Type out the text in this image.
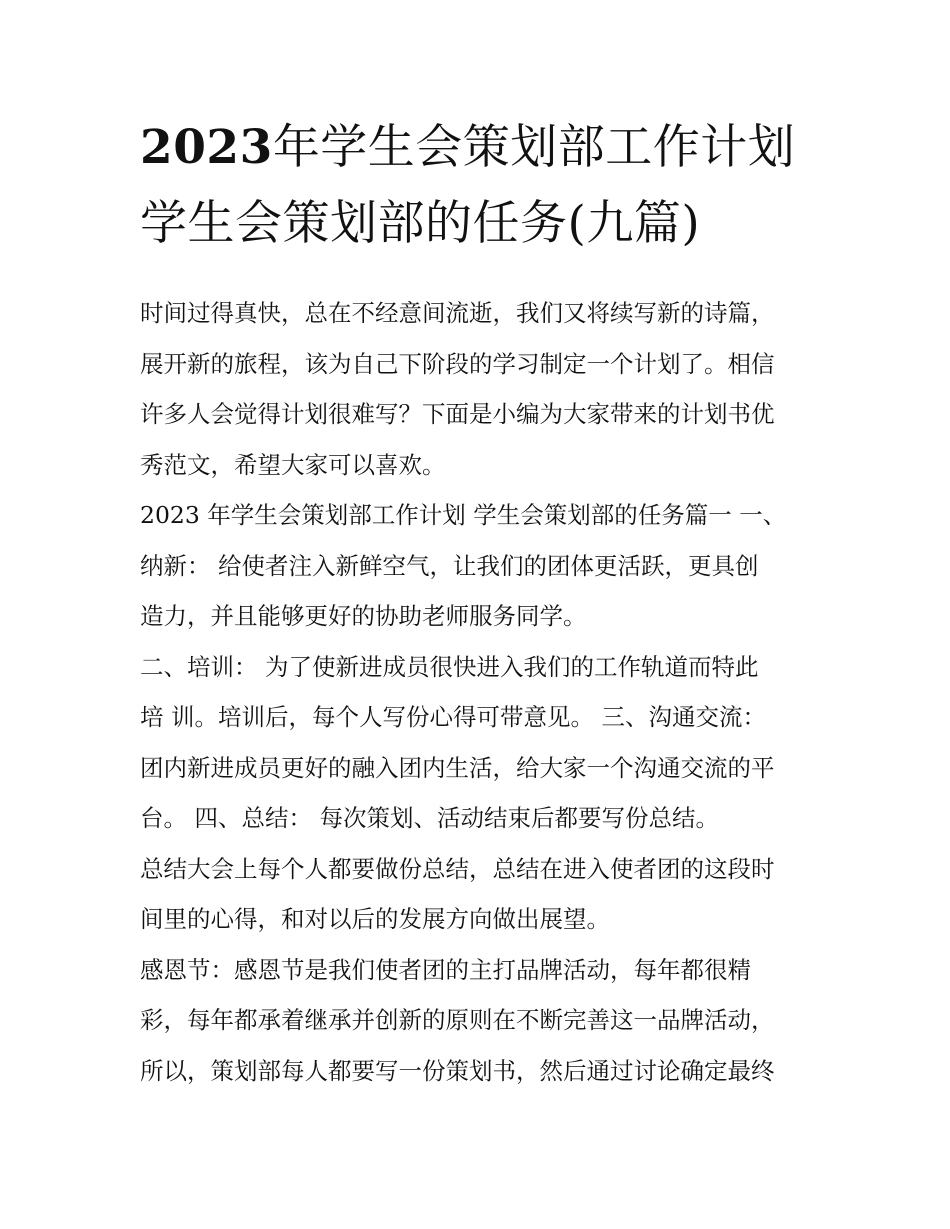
2023年学生会策划部工作计划
学生会策划部的任务(九篇)
时间过得真快，总在不经意间流逝，我们又将续写新的诗篇，
展开新的旅程，该为自己下阶段的学习制定一个计划了。相信
许多人会觉得计划很难写？下面是小编为大家带来的计划书优
秀范文，希望大家可以喜欢。
2023 年学生会策划部工作计划 学生会策划部的任务篇一 一、
纳新： 给使者注入新鲜空气，让我们的团体更活跃，更具创
造力，并且能够更好的协助老师服务同学。
二、培训： 为了使新进成员很快进入我们的工作轨道而特此
培 训。培训后，每个人写份心得可带意见。 三、沟通交流：
团内新进成员更好的融入团内生活，给大家一个沟通交流的平
台。 四、总结： 每次策划、活动结束后都要写份总结。
总结大会上每个人都要做份总结，总结在进入使者团的这段时
间里的心得，和对以后的发展方向做出展望。
感恩节：感恩节是我们使者团的主打品牌活动，每年都很精
彩，每年都承着继承并创新的原则在不断完善这一品牌活动，
所以，策划部每人都要写一份策划书，然后通过讨论确定最终
